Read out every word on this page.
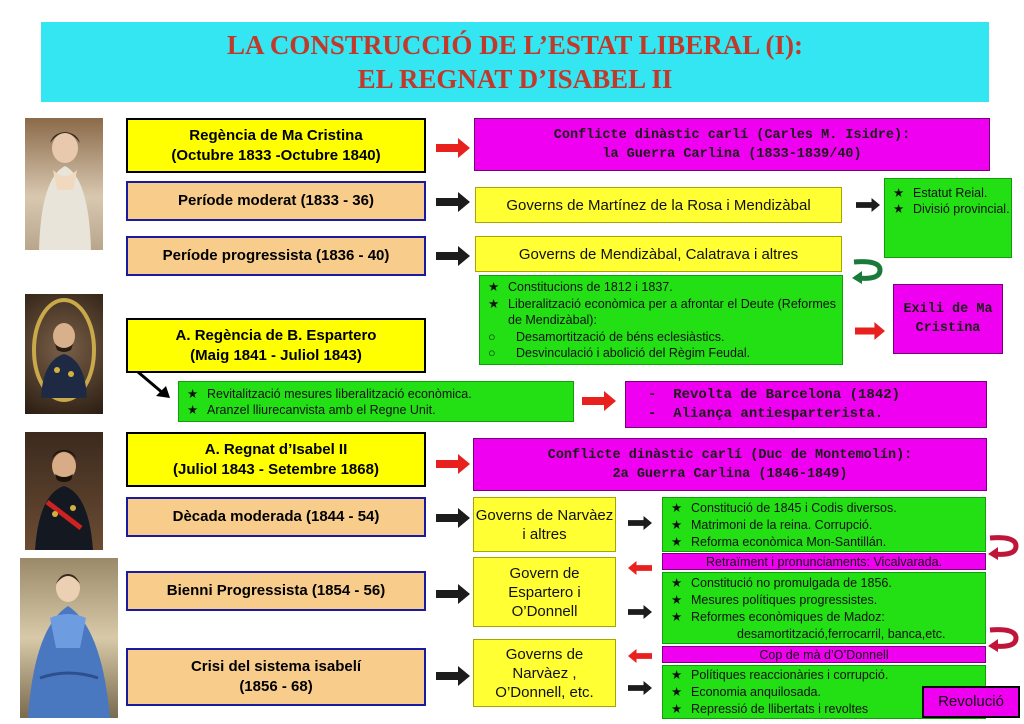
LA CONSTRUCCIÓ DE L’ESTAT LIBERAL (I):
EL REGNAT D’ISABEL II
Regència de Ma Cristina
(Octubre 1833 -Octubre 1840)
Període moderat (1833 - 36)
Període progressista (1836 - 40)
A. Regència de B. Espartero
(Maig 1841 - Juliol 1843)
A. Regnat d’Isabel II
(Juliol 1843 - Setembre 1868)
Dècada moderada (1844 - 54)
Bienni Progressista (1854 - 56)
Crisi del sistema isabelí
(1856 - 68)
Conflicte dinàstic carlí (Carles M. Isidre):
la Guerra Carlina (1833-1839/40)
Governs de Martínez de la Rosa i Mendizàbal
Governs de Mendizàbal, Calatrava i altres
★ Estatut Reial.
★ Divisió provincial.
★ Constitucions de 1812 i 1837.
★ Liberalització econòmica per a afrontar el Deute (Reformes de Mendizàbal):
○ Desamortització de béns eclesiàstics.
○ Desvinculació i abolició del Règim Feudal.
Exili de Ma Cristina
★ Revitalització mesures liberalització econòmica.
★ Aranzel lliurecanvista amb el Regne Unit.
-  Revolta de Barcelona (1842)
-  Aliança antiesparterista.
Conflicte dinàstic carlí (Duc de Montemolín):
2a Guerra Carlina (1846-1849)
Governs de Narvàez i altres
Govern de Espartero i O’Donnell
Governs de Narvàez , O’Donnell, etc.
★ Constitució de 1845 i Codis diversos.
★ Matrimoni de la reina. Corrupció.
★ Reforma econòmica Mon-Santillán.
Retraïment i pronunciaments: Vicalvarada.
★ Constitució no promulgada de 1856.
★ Mesures polítiques progressistes.
★ Reformes econòmiques de Madoz:
desamortització,ferrocarril, banca,etc.
Cop de mà d’O’Donnell
★ Polítiques reaccionàries i corrupció.
★ Economia anquilosada.
★ Repressió de llibertats i revoltes	Revolució
